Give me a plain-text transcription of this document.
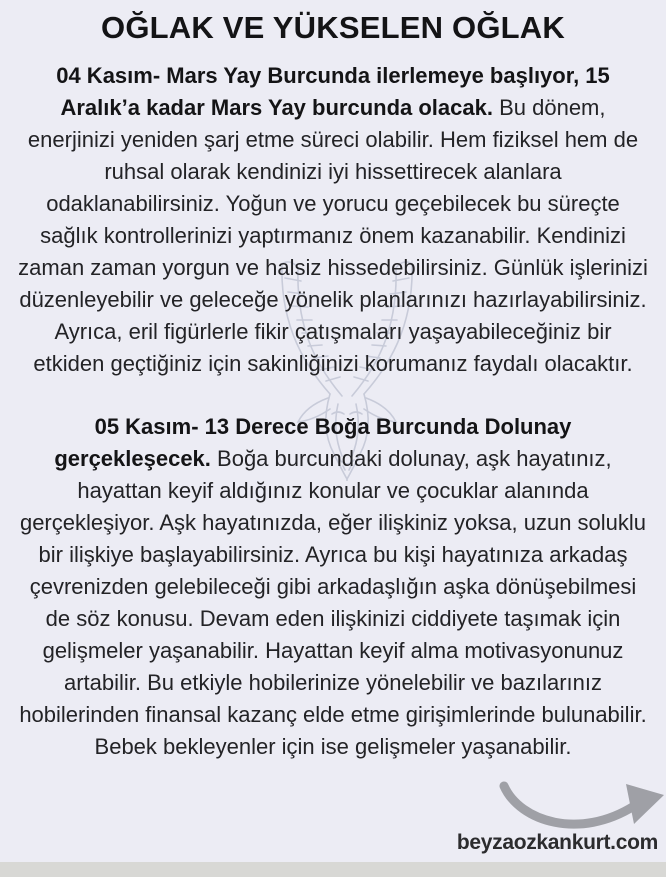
OĞLAK VE YÜKSELEN OĞLAK

04 Kasım- Mars Yay Burcunda ilerlemeye başlıyor, 15 Aralık’a kadar Mars Yay burcunda olacak. Bu dönem, enerjinizi yeniden şarj etme süreci olabilir. Hem fiziksel hem de ruhsal olarak kendinizi iyi hissettirecek alanlara odaklanabilirsiniz. Yoğun ve yorucu geçebilecek bu süreçte sağlık kontrollerinizi yaptırmanız önem kazanabilir. Kendinizi zaman zaman yorgun ve halsiz hissedebilirsiniz. Günlük işlerinizi düzenleyebilir ve geleceğe yönelik planlarınızı hazırlayabilirsiniz. Ayrıca, eril figürlerle fikir çatışmaları yaşayabileceğiniz bir etkiden geçtiğiniz için sakinliğinizi korumanız faydalı olacaktır.

05 Kasım- 13 Derece Boğa Burcunda Dolunay gerçekleşecek. Boğa burcundaki dolunay, aşk hayatınız, hayattan keyif aldığınız konular ve çocuklar alanında gerçekleşiyor. Aşk hayatınızda, eğer ilişkiniz yoksa, uzun soluklu bir ilişkiye başlayabilirsiniz. Ayrıca bu kişi hayatınıza arkadaş çevrenizden gelebileceği gibi arkadaşlığın aşka dönüşebilmesi de söz konusu. Devam eden ilişkinizi ciddiyete taşımak için gelişmeler yaşanabilir. Hayattan keyif alma motivasyonunuz artabilir. Bu etkiyle hobilerinize yönelebilir ve bazılarınız hobilerinden finansal kazanç elde etme girişimlerinde bulunabilir. Bebek bekleyenler için ise gelişmeler yaşanabilir.

beyzaozkankurt.com
